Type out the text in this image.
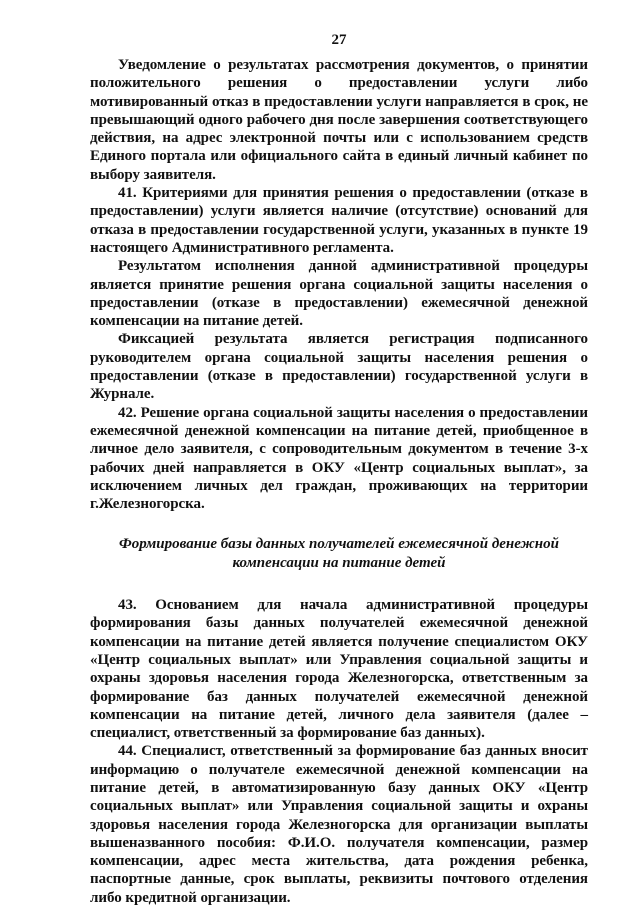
27

Уведомление о результатах рассмотрения документов, о принятии положительного решения о предоставлении услуги либо мотивированный отказ в предоставлении услуги направляется в срок, не превышающий одного рабочего дня после завершения соответствующего действия, на адрес электронной почты или с использованием средств Единого портала или официального сайта в единый личный кабинет по выбору заявителя.

41. Критериями для принятия решения о предоставлении (отказе в предоставлении) услуги является наличие (отсутствие) оснований для отказа в предоставлении государственной услуги, указанных в пункте 19 настоящего Административного регламента.

Результатом исполнения данной административной процедуры является принятие решения органа социальной защиты населения о предоставлении (отказе в предоставлении) ежемесячной денежной компенсации на питание детей.

Фиксацией результата является регистрация подписанного руководителем органа социальной защиты населения решения о предоставлении (отказе в предоставлении) государственной услуги в Журнале.

42. Решение органа социальной защиты населения о предоставлении ежемесячной денежной компенсации на питание детей, приобщенное в личное дело заявителя, с сопроводительным документом в течение 3-х рабочих дней направляется в ОКУ «Центр социальных выплат», за исключением личных дел граждан, проживающих на территории г.Железногорска.

Формирование базы данных получателей ежемесячной денежной компенсации на питание детей

43. Основанием для начала административной процедуры формирования базы данных получателей ежемесячной денежной компенсации на питание детей является получение специалистом ОКУ «Центр социальных выплат» или Управления социальной защиты и охраны здоровья населения города Железногорска, ответственным за формирование баз данных получателей ежемесячной денежной компенсации на питание детей, личного дела заявителя (далее – специалист, ответственный за формирование баз данных).

44. Специалист, ответственный за формирование баз данных вносит информацию о получателе ежемесячной денежной компенсации на питание детей, в автоматизированную базу данных ОКУ «Центр социальных выплат» или Управления социальной защиты и охраны здоровья населения города Железногорска для организации выплаты вышеназванного пособия: Ф.И.О. получателя компенсации, размер компенсации, адрес места жительства, дата рождения ребенка, паспортные данные, срок выплаты, реквизиты почтового отделения либо кредитной организации.
